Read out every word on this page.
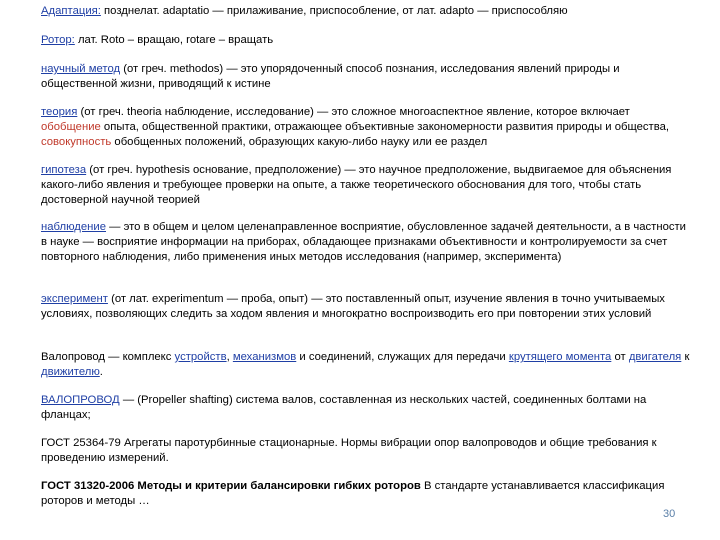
Адаптация: позднелат. adaptatio — прилаживание, приспособление, от лат. adapto — приспособляю

Ротор: лат. Roto – вращаю, rotare – вращать

научный метод (от греч. methodos) — это упорядоченный способ познания, исследования явлений природы и общественной жизни, приводящий к истине

теория (от греч. theoria наблюдение, исследование) — это сложное многоаспектное явление, которое включает обобщение опыта, общественной практики, отражающее объективные закономерности развития природы и общества, совокупность обобщенных положений, образующих какую-либо науку или ее раздел

гипотеза (от греч. hypothesis основание, предположение) — это научное предположение, выдвигаемое для объяснения какого-либо явления и требующее проверки на опыте, а также теоретического обоснования для того, чтобы стать достоверной научной теорией

наблюдение — это в общем и целом целенаправленное восприятие, обусловленное задачей деятельности, а в частности в науке — восприятие информации на приборах, обладающее признаками объективности и контролируемости за счет повторного наблюдения, либо применения иных методов исследования (например, эксперимента)

эксперимент (от лат. experimentum — проба, опыт) — это поставленный опыт, изучение явления в точно учитываемых условиях, позволяющих следить за ходом явления и многократно воспроизводить его при повторении этих условий

Валопровод — комплекс устройств, механизмов и соединений, служащих для передачи крутящего момента от двигателя к движителю.

ВАЛОПРОВОД — (Propeller shafting) система валов, составленная из нескольких частей, соединенных болтами на фланцах;

ГОСТ 25364-79 Агрегаты паротурбинные стационарные. Нормы вибрации опор валопроводов и общие требования к проведению измерений.

ГОСТ 31320-2006 Методы и критерии балансировки гибких роторов В стандарте устанавливается классификация роторов и методы …

30
